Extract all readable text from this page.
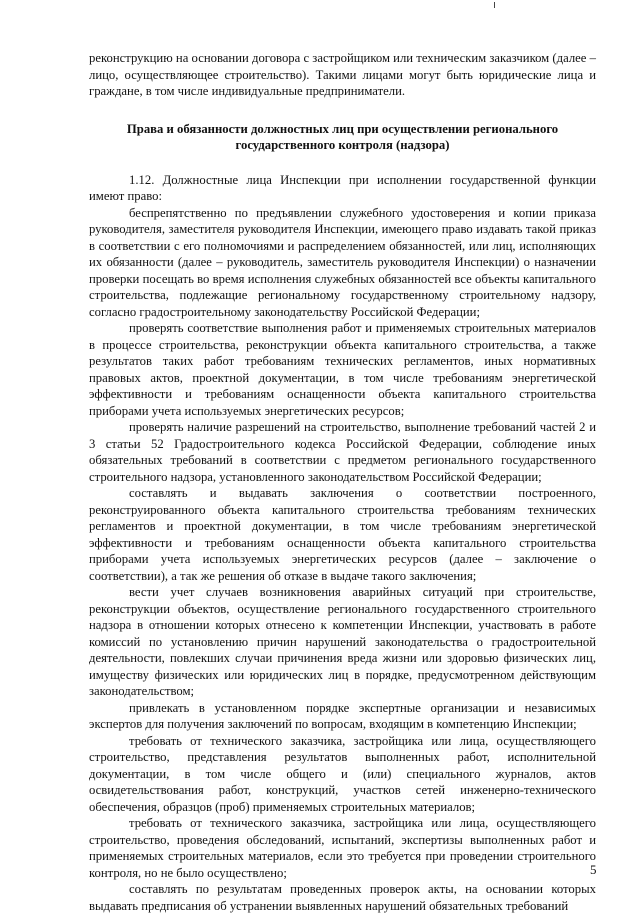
реконструкцию на основании договора с застройщиком или техническим заказчиком (далее – лицо, осуществляющее строительство). Такими лицами могут быть юридические лица и граждане, в том числе индивидуальные предприниматели.

Права и обязанности должностных лиц при осуществлении регионального
государственного контроля (надзора)

1.12. Должностные лица Инспекции при исполнении государственной функции имеют право:

беспрепятственно по предъявлении служебного удостоверения и копии приказа руководителя, заместителя руководителя Инспекции, имеющего право издавать такой приказ в соответствии с его полномочиями и распределением обязанностей, или лиц, исполняющих их обязанности (далее – руководитель, заместитель руководителя Инспекции) о назначении проверки посещать во время исполнения служебных обязанностей все объекты капитального строительства, подлежащие региональному государственному строительному надзору, согласно градостроительному законодательству Российской Федерации;

проверять соответствие выполнения работ и применяемых строительных материалов в процессе строительства, реконструкции объекта капитального строительства, а также результатов таких работ требованиям технических регламентов, иных нормативных правовых актов, проектной документации, в том числе требованиям энергетической эффективности и требованиям оснащенности объекта капитального строительства приборами учета используемых энергетических ресурсов;

проверять наличие разрешений на строительство, выполнение требований частей 2 и 3 статьи 52 Градостроительного кодекса Российской Федерации, соблюдение иных обязательных требований в соответствии с предметом регионального государственного строительного надзора, установленного законодательством Российской Федерации;

составлять и выдавать заключения о соответствии построенного, реконструированного объекта капитального строительства требованиям технических регламентов и проектной документации, в том числе требованиям энергетической эффективности и требованиям оснащенности объекта капитального строительства приборами учета используемых энергетических ресурсов (далее – заключение о соответствии), а так же решения об отказе в выдаче такого заключения;

вести учет случаев возникновения аварийных ситуаций при строительстве, реконструкции объектов, осуществление регионального государственного строительного надзора в отношении которых отнесено к компетенции Инспекции, участвовать в работе комиссий по установлению причин нарушений законодательства о градостроительной деятельности, повлекших случаи причинения вреда жизни или здоровью физических лиц, имуществу физических или юридических лиц в порядке, предусмотренном действующим законодательством;

привлекать в установленном порядке экспертные организации и независимых экспертов для получения заключений по вопросам, входящим в компетенцию Инспекции;

требовать от технического заказчика, застройщика или лица, осуществляющего строительство, представления результатов выполненных работ, исполнительной документации, в том числе общего и (или) специального журналов, актов освидетельствования работ, конструкций, участков сетей инженерно-технического обеспечения, образцов (проб) применяемых строительных материалов;

требовать от технического заказчика, застройщика или лица, осуществляющего строительство, проведения обследований, испытаний, экспертизы выполненных работ и применяемых строительных материалов, если это требуется при проведении строительного контроля, но не было осуществлено;

составлять по результатам проведенных проверок акты, на основании которых выдавать предписания об устранении выявленных нарушений обязательных требований

5
